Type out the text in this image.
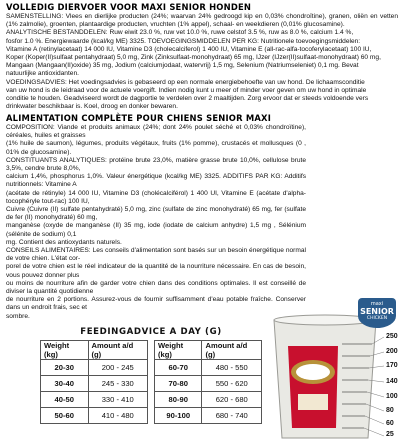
VOLLEDIG DIERVOER VOOR MAXI SENIOR HONDEN

SAMENSTELLING: Vlees en dierlijke producten (24%; waarvan 24% gedroogd kip en 0,03% chondroïtine), granen, oliën en vetten (1% zalmolie), groenten, plantaardige producten, vruchten (1% appel), schaal- en weekdieren (0,01% glucosamine).

ANALYTISCHE BESTANDDELEN: Ruw eiwit 23.0 %, ruw vet 10.0 %, ruwe celstof 3.5 %, ruw as 8.0 %, calcium 1.4 %,

fosfor 1.0 %. Energiewaarde (kcal/kg ME) 3325. TOEVOEGINGSMIDDELEN PER KG: Nutritionele toevoegingsmiddelen:

Vitamine A (retinylacetaat) 14 000 IU, Vitamine D3 (cholecalciferol) 1 400 IU, Vitamine E (all-rac-alfa-tocoferylacetaat) 100 IU,

Koper (Koper(II)sulfaat pentahydraat) 5,0 mg, Zink (Zinksulfaat-monohydraat) 65 mg, IJzer (IJzer(II)sulfaat-monohydraat) 60 mg,

Mangaan (Mangaan(II)oxide) 35 mg, Jodium (calciumjodaat, watervrij) 1,5 mg, Selenium (Natriumseleniet) 0,1 mg. Bevat

natuurlijke antioxidanten.

VOEDINGSADVIES: Het voedingsadvies is gebaseerd op een normale energiebehoefte van uw hond. De lichaamsconditie

van uw hond is de leidraad voor de actuele voergift. Indien nodig kunt u meer of minder voer geven om uw hond in optimale

conditie te houden. Geadviseerd wordt de dagportie te verdelen over 2 maaltijden. Zorg ervoor dat er steeds voldoende vers

drinkwater beschikbaar is. Koel, droog en donker bewaren.

ALIMENTATION COMPLÈTE POUR CHIENS SENIOR MAXI

COMPOSITION: Viande et produits animaux (24%; dont 24% poulet séché et 0,03% chondroïtine), céréales, huiles et graisses

(1% huile de saumon), légumes, produits végétaux, fruits (1% pomme), crustacés et mollusques (0 , 01% de glucosamine).

CONSTITUANTS ANALYTIQUES: protéine brute 23,0%, matière grasse brute 10,0%, cellulose brute 3,5%, cendre brute 8,0%,

calcium 1,4%, phosphorus 1,0%. Valeur énergétique (kcal/kg ME) 3325. ADDITIFS PAR KG: Additifs nutritionnels: Vitamine A

(acétate de rétinyle) 14 000 IU, Vitamine D3 (cholécalciférol) 1 400 UI, Vitamine E (acétate d'alpha-tocophéryle tout-rac) 100 IU,

Cuivre (Cuivre (II) sulfate pentahydraté) 5,0 mg, zinc (sulfate de zinc monohydraté) 65 mg, fer (sulfate de fer (II) monohydraté) 60 mg,

manganèse (oxyde de manganèse (II) 35 mg, iode (iodate de calcium anhydre) 1,5 mg , Sélénium (sélénite de sodium) 0,1

mg. Contient des antioxydants naturels.

CONSEILS ALIMENTAIRES: Les conseils d'alimentation sont basés sur un besoin énergétique normal de votre chien. L'état cor-

porel de votre chien est le réel indicateur de la quantité de la nourriture nécessaire. En cas de besoin, vous pouvez donner plus

ou moins de nourriture afin de garder votre chien dans des conditions optimales. Il est conseillé de diviser la quantité quotidienne

de nourriture en 2 portions. Assurez-vous de fournir suffisamment d'eau potable fraîche. Conserver dans un endroit frais, sec et

sombre.

FEEDINGADVICE A DAY (G)
Weight (kg)	Amount a/d (g)		Weight (kg)	Amount a/d (g)
20-30	200 - 245		60-70	480 - 550
30-40	245 - 330		70-80	550 - 620
40-50	330 - 410		80-90	620 - 680
50-60	410 - 480		90-100	680 - 740
maxi
SENIOR
CHICKEN
250
200
170
140
100
80
60
25
